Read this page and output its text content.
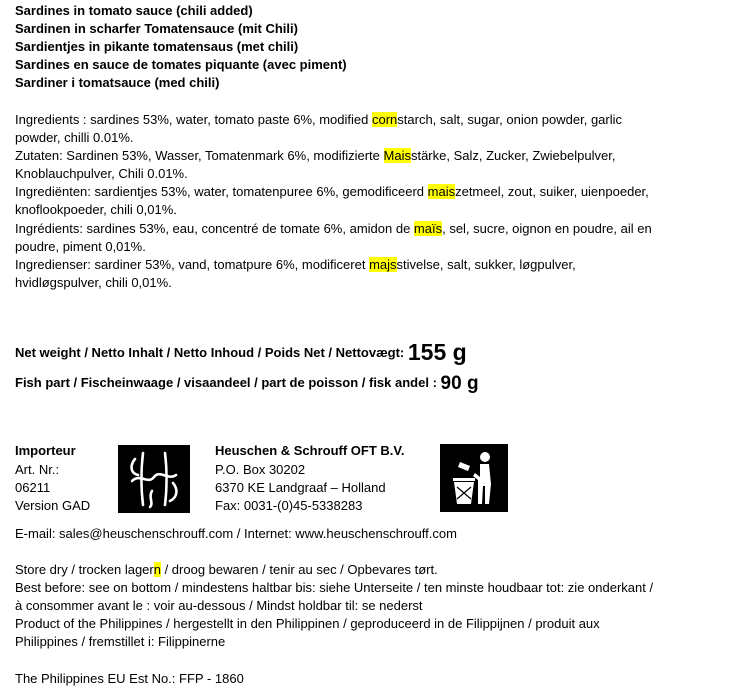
Sardines in tomato sauce (chili added)
Sardinen in scharfer Tomatensauce (mit Chili)
Sardientjes in pikante tomatensaus (met chili)
Sardines en sauce de tomates piquante (avec piment)
Sardiner i tomatsauce (med chili)
Ingredients : sardines 53%, water, tomato paste 6%, modified cornstarch, salt, sugar, onion powder, garlic
powder, chilli 0.01%.
Zutaten: Sardinen 53%, Wasser, Tomatenmark 6%, modifizierte Maisstärke, Salz, Zucker, Zwiebelpulver,
Knoblauchpulver, Chili 0.01%.
Ingrediënten: sardientjes 53%, water, tomatenpuree 6%, gemodificeerd maiszetmeel, zout, suiker, uienpoeder,
knoflookpoeder, chili 0,01%.
Ingrédients: sardines 53%, eau, concentré de tomate 6%, amidon de maïs, sel, sucre, oignon en poudre, ail en
poudre, piment 0,01%.
Ingredienser: sardiner 53%, vand, tomatpure 6%, modificeret majsstivelse, salt, sukker, løgpulver,
hvidløgspulver, chili 0,01%.
Net weight / Netto Inhalt / Netto Inhoud / Poids Net / Nettovægt: 155 g
Fish part / Fischeinwaage / visaandeel / part de poisson / fisk andel : 90 g
Importeur
Art. Nr.:
06211
Version GAD
Heuschen & Schrouff OFT B.V.
P.O. Box 30202
6370 KE Landgraaf – Holland
Fax: 0031-(0)45-5338283
E-mail: sales@heuschenschrouff.com / Internet: www.heuschenschrouff.com
Store dry / trocken lagern / droog bewaren / tenir au sec / Opbevares tørt.
Best before: see on bottom / mindestens haltbar bis: siehe Unterseite / ten minste houdbaar tot: zie onderkant /
à consommer avant le : voir au-dessous / Mindst holdbar til: se nederst
Product of the Philippines / hergestellt in den Philippinen / geproduceerd in de Filippijnen / produit aux
Philippines / fremstillet i: Filippinerne
The Philippines EU Est No.: FFP - 1860
